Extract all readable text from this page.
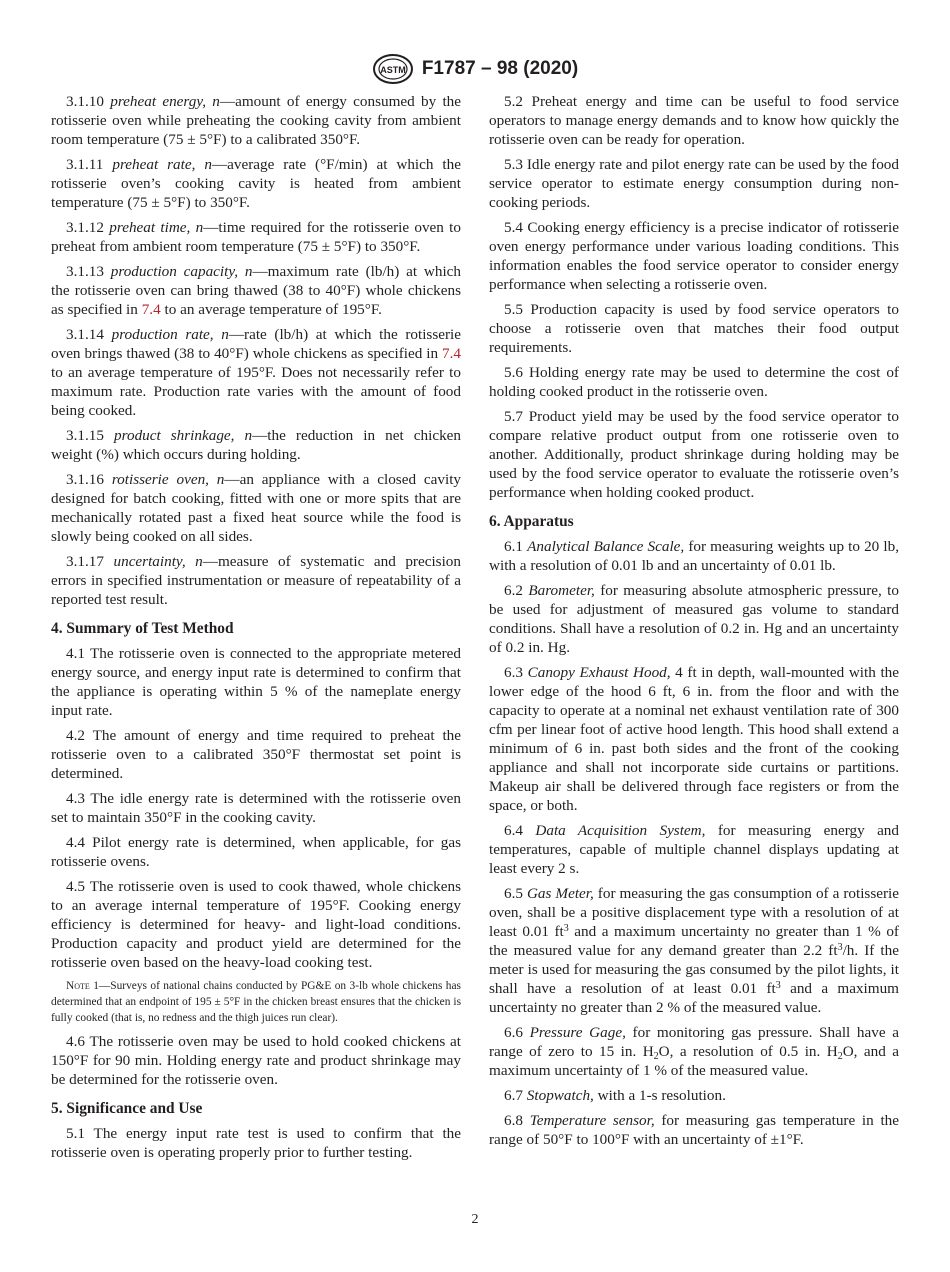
ASTM F1787 – 98 (2020)

3.1.10 preheat energy, n—amount of energy consumed by the rotisserie oven while preheating the cooking cavity from ambient room temperature (75 ± 5°F) to a calibrated 350°F.

3.1.11 preheat rate, n—average rate (°F/min) at which the rotisserie oven’s cooking cavity is heated from ambient temperature (75 ± 5°F) to 350°F.

3.1.12 preheat time, n—time required for the rotisserie oven to preheat from ambient room temperature (75 ± 5°F) to 350°F.

3.1.13 production capacity, n—maximum rate (lb/h) at which the rotisserie oven can bring thawed (38 to 40°F) whole chickens as specified in 7.4 to an average temperature of 195°F.

3.1.14 production rate, n—rate (lb/h) at which the rotisserie oven brings thawed (38 to 40°F) whole chickens as specified in 7.4 to an average temperature of 195°F. Does not necessarily refer to maximum rate. Production rate varies with the amount of food being cooked.

3.1.15 product shrinkage, n—the reduction in net chicken weight (%) which occurs during holding.

3.1.16 rotisserie oven, n—an appliance with a closed cavity designed for batch cooking, fitted with one or more spits that are mechanically rotated past a fixed heat source while the food is slowly being cooked on all sides.

3.1.17 uncertainty, n—measure of systematic and precision errors in specified instrumentation or measure of repeatability of a reported test result.

4. Summary of Test Method

4.1 The rotisserie oven is connected to the appropriate metered energy source, and energy input rate is determined to confirm that the appliance is operating within 5 % of the nameplate energy input rate.

4.2 The amount of energy and time required to preheat the rotisserie oven to a calibrated 350°F thermostat set point is determined.

4.3 The idle energy rate is determined with the rotisserie oven set to maintain 350°F in the cooking cavity.

4.4 Pilot energy rate is determined, when applicable, for gas rotisserie ovens.

4.5 The rotisserie oven is used to cook thawed, whole chickens to an average internal temperature of 195°F. Cooking energy efficiency is determined for heavy- and light-load conditions. Production capacity and product yield are determined for the rotisserie oven based on the heavy-load cooking test.

Note 1—Surveys of national chains conducted by PG&E on 3-lb whole chickens has determined that an endpoint of 195 ± 5°F in the chicken breast ensures that the chicken is fully cooked (that is, no redness and the thigh juices run clear).

4.6 The rotisserie oven may be used to hold cooked chickens at 150°F for 90 min. Holding energy rate and product shrinkage may be determined for the rotisserie oven.

5. Significance and Use

5.1 The energy input rate test is used to confirm that the rotisserie oven is operating properly prior to further testing.

5.2 Preheat energy and time can be useful to food service operators to manage energy demands and to know how quickly the rotisserie oven can be ready for operation.

5.3 Idle energy rate and pilot energy rate can be used by the food service operator to estimate energy consumption during non-cooking periods.

5.4 Cooking energy efficiency is a precise indicator of rotisserie oven energy performance under various loading conditions. This information enables the food service operator to consider energy performance when selecting a rotisserie oven.

5.5 Production capacity is used by food service operators to choose a rotisserie oven that matches their food output requirements.

5.6 Holding energy rate may be used to determine the cost of holding cooked product in the rotisserie oven.

5.7 Product yield may be used by the food service operator to compare relative product output from one rotisserie oven to another. Additionally, product shrinkage during holding may be used by the food service operator to evaluate the rotisserie oven’s performance when holding cooked product.

6. Apparatus

6.1 Analytical Balance Scale, for measuring weights up to 20 lb, with a resolution of 0.01 lb and an uncertainty of 0.01 lb.

6.2 Barometer, for measuring absolute atmospheric pressure, to be used for adjustment of measured gas volume to standard conditions. Shall have a resolution of 0.2 in. Hg and an uncertainty of 0.2 in. Hg.

6.3 Canopy Exhaust Hood, 4 ft in depth, wall-mounted with the lower edge of the hood 6 ft, 6 in. from the floor and with the capacity to operate at a nominal net exhaust ventilation rate of 300 cfm per linear foot of active hood length. This hood shall extend a minimum of 6 in. past both sides and the front of the cooking appliance and shall not incorporate side curtains or partitions. Makeup air shall be delivered through face registers or from the space, or both.

6.4 Data Acquisition System, for measuring energy and temperatures, capable of multiple channel displays updating at least every 2 s.

6.5 Gas Meter, for measuring the gas consumption of a rotisserie oven, shall be a positive displacement type with a resolution of at least 0.01 $ft^3$ and a maximum uncertainty no greater than 1 % of the measured value for any demand greater than 2.2 $ft^3/h$. If the meter is used for measuring the gas consumed by the pilot lights, it shall have a resolution of at least 0.01 $ft^3$ and a maximum uncertainty no greater than 2 % of the measured value.

6.6 Pressure Gage, for monitoring gas pressure. Shall have a range of zero to 15 in. $H_2O$, a resolution of 0.5 in. $H_2O$, and a maximum uncertainty of 1 % of the measured value.

6.7 Stopwatch, with a 1-s resolution.

6.8 Temperature sensor, for measuring gas temperature in the range of 50°F to 100°F with an uncertainty of ±1°F.

2
